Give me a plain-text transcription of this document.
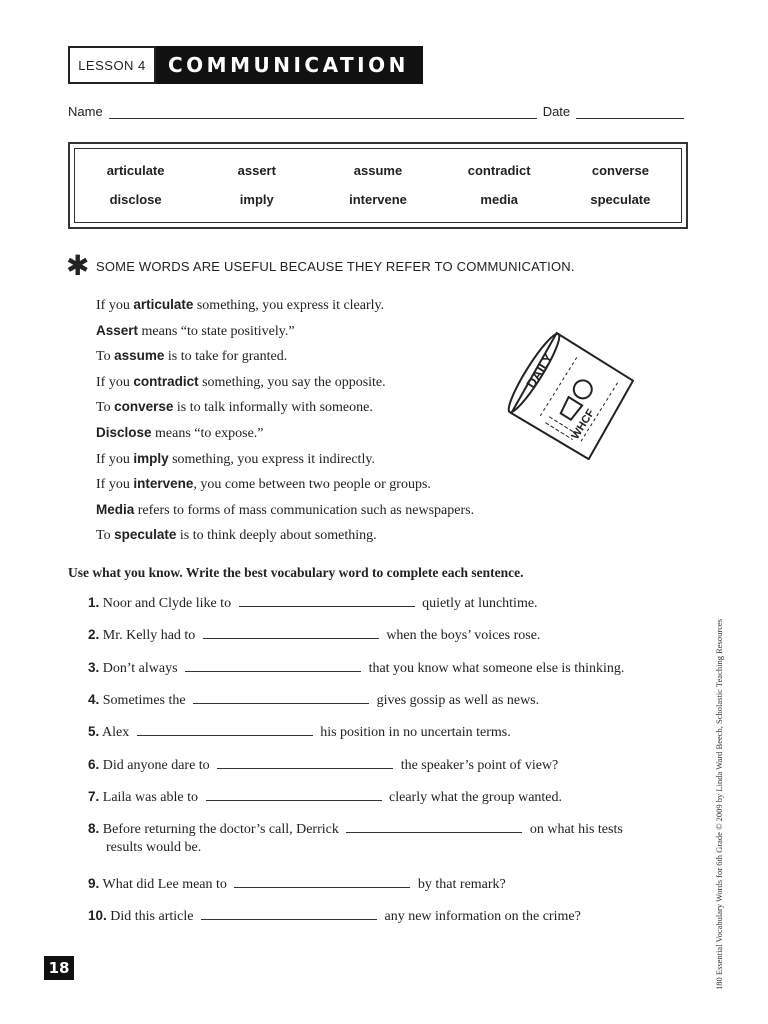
LESSON 4	COMMUNICATION
Name	Date
articulate	assert	assume	contradict	converse
disclose	imply	intervene	media	speculate
✱ SOME WORDS ARE USEFUL BECAUSE THEY REFER TO COMMUNICATION.
If you articulate something, you express it clearly.
Assert means “to state positively.”
To assume is to take for granted.
If you contradict something, you say the opposite.
To converse is to talk informally with someone.
Disclose means “to expose.”
If you imply something, you express it indirectly.
If you intervene, you come between two people or groups.
Media refers to forms of mass communication such as newspapers.
To speculate is to think deeply about something.
DAILY
WHCF
Use what you know. Write the best vocabulary word to complete each sentence.
1. Noor and Clyde like to	quietly at lunchtime.
2. Mr. Kelly had to	when the boys’ voices rose.
3. Don’t always	that you know what someone else is thinking.
4. Sometimes the	gives gossip as well as news.
5. Alex	his position in no uncertain terms.
6. Did anyone dare to	the speaker’s point of view?
7. Laila was able to	clearly what the group wanted.
8. Before returning the doctor’s call, Derrick	on what his tests
results would be.
9. What did Lee mean to	by that remark?
10. Did this article	any new information on the crime?	180 Essential Vocabulary Words for 6th Grade © 2009 by Linda Ward Beech, Scholastic Teaching Resources
18
